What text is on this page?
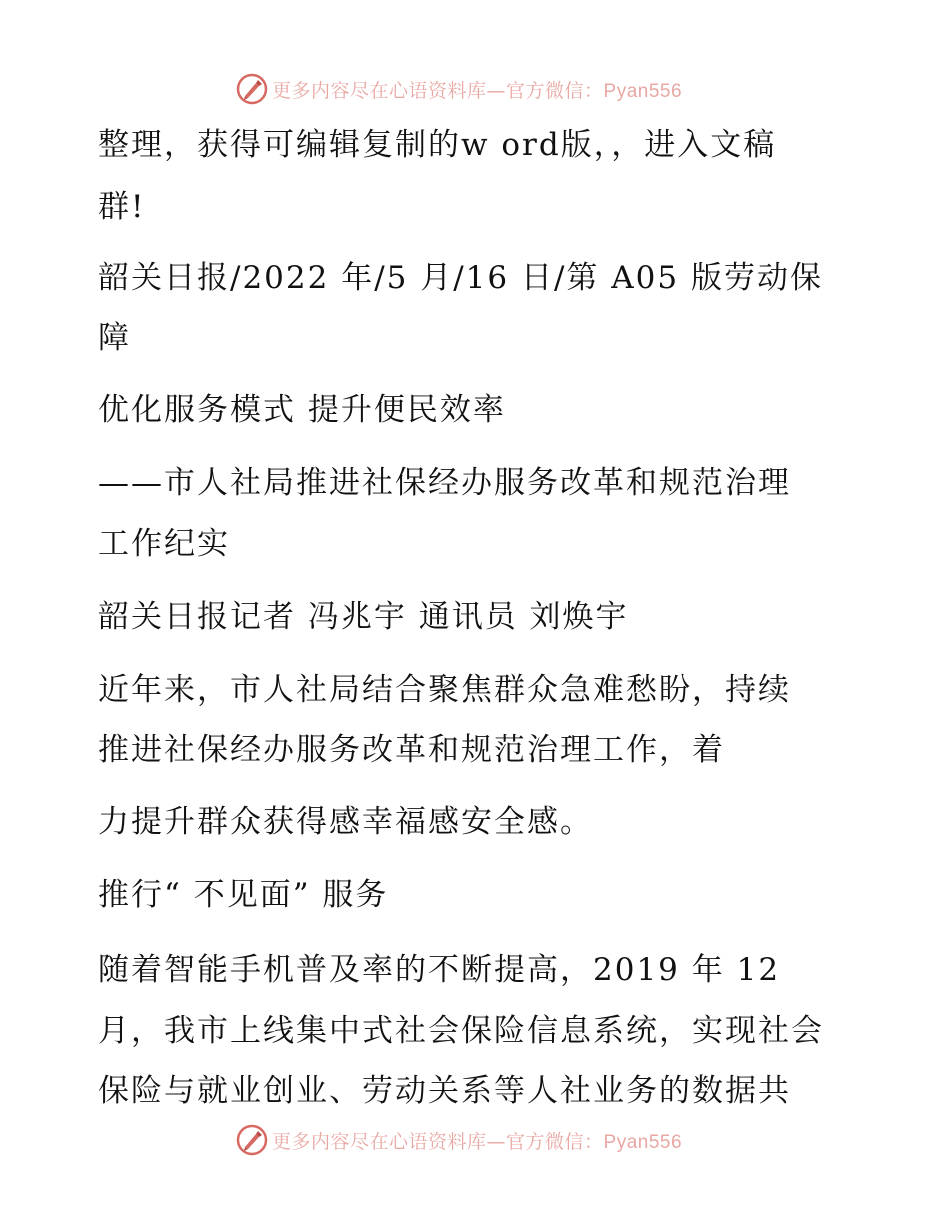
更多内容尽在心语资料库—官方微信：Pyan556
整理，获得可编辑复制的w ord版，，进入文稿
群!
韶关日报/2022 年/5 月/16 日/第 A05 版劳动保
障
优化服务模式 提升便民效率
——市人社局推进社保经办服务改革和规范治理
工作纪实
韶关日报记者 冯兆宇 通讯员 刘焕宇
近年来，市人社局结合聚焦群众急难愁盼，持续
推进社保经办服务改革和规范治理工作，着
力提升群众获得感幸福感安全感。
推行“ 不见面” 服务
随着智能手机普及率的不断提高，2019 年 12
月，我市上线集中式社会保险信息系统，实现社会
保险与就业创业、劳动关系等人社业务的数据共
更多内容尽在心语资料库—官方微信：Pyan556
